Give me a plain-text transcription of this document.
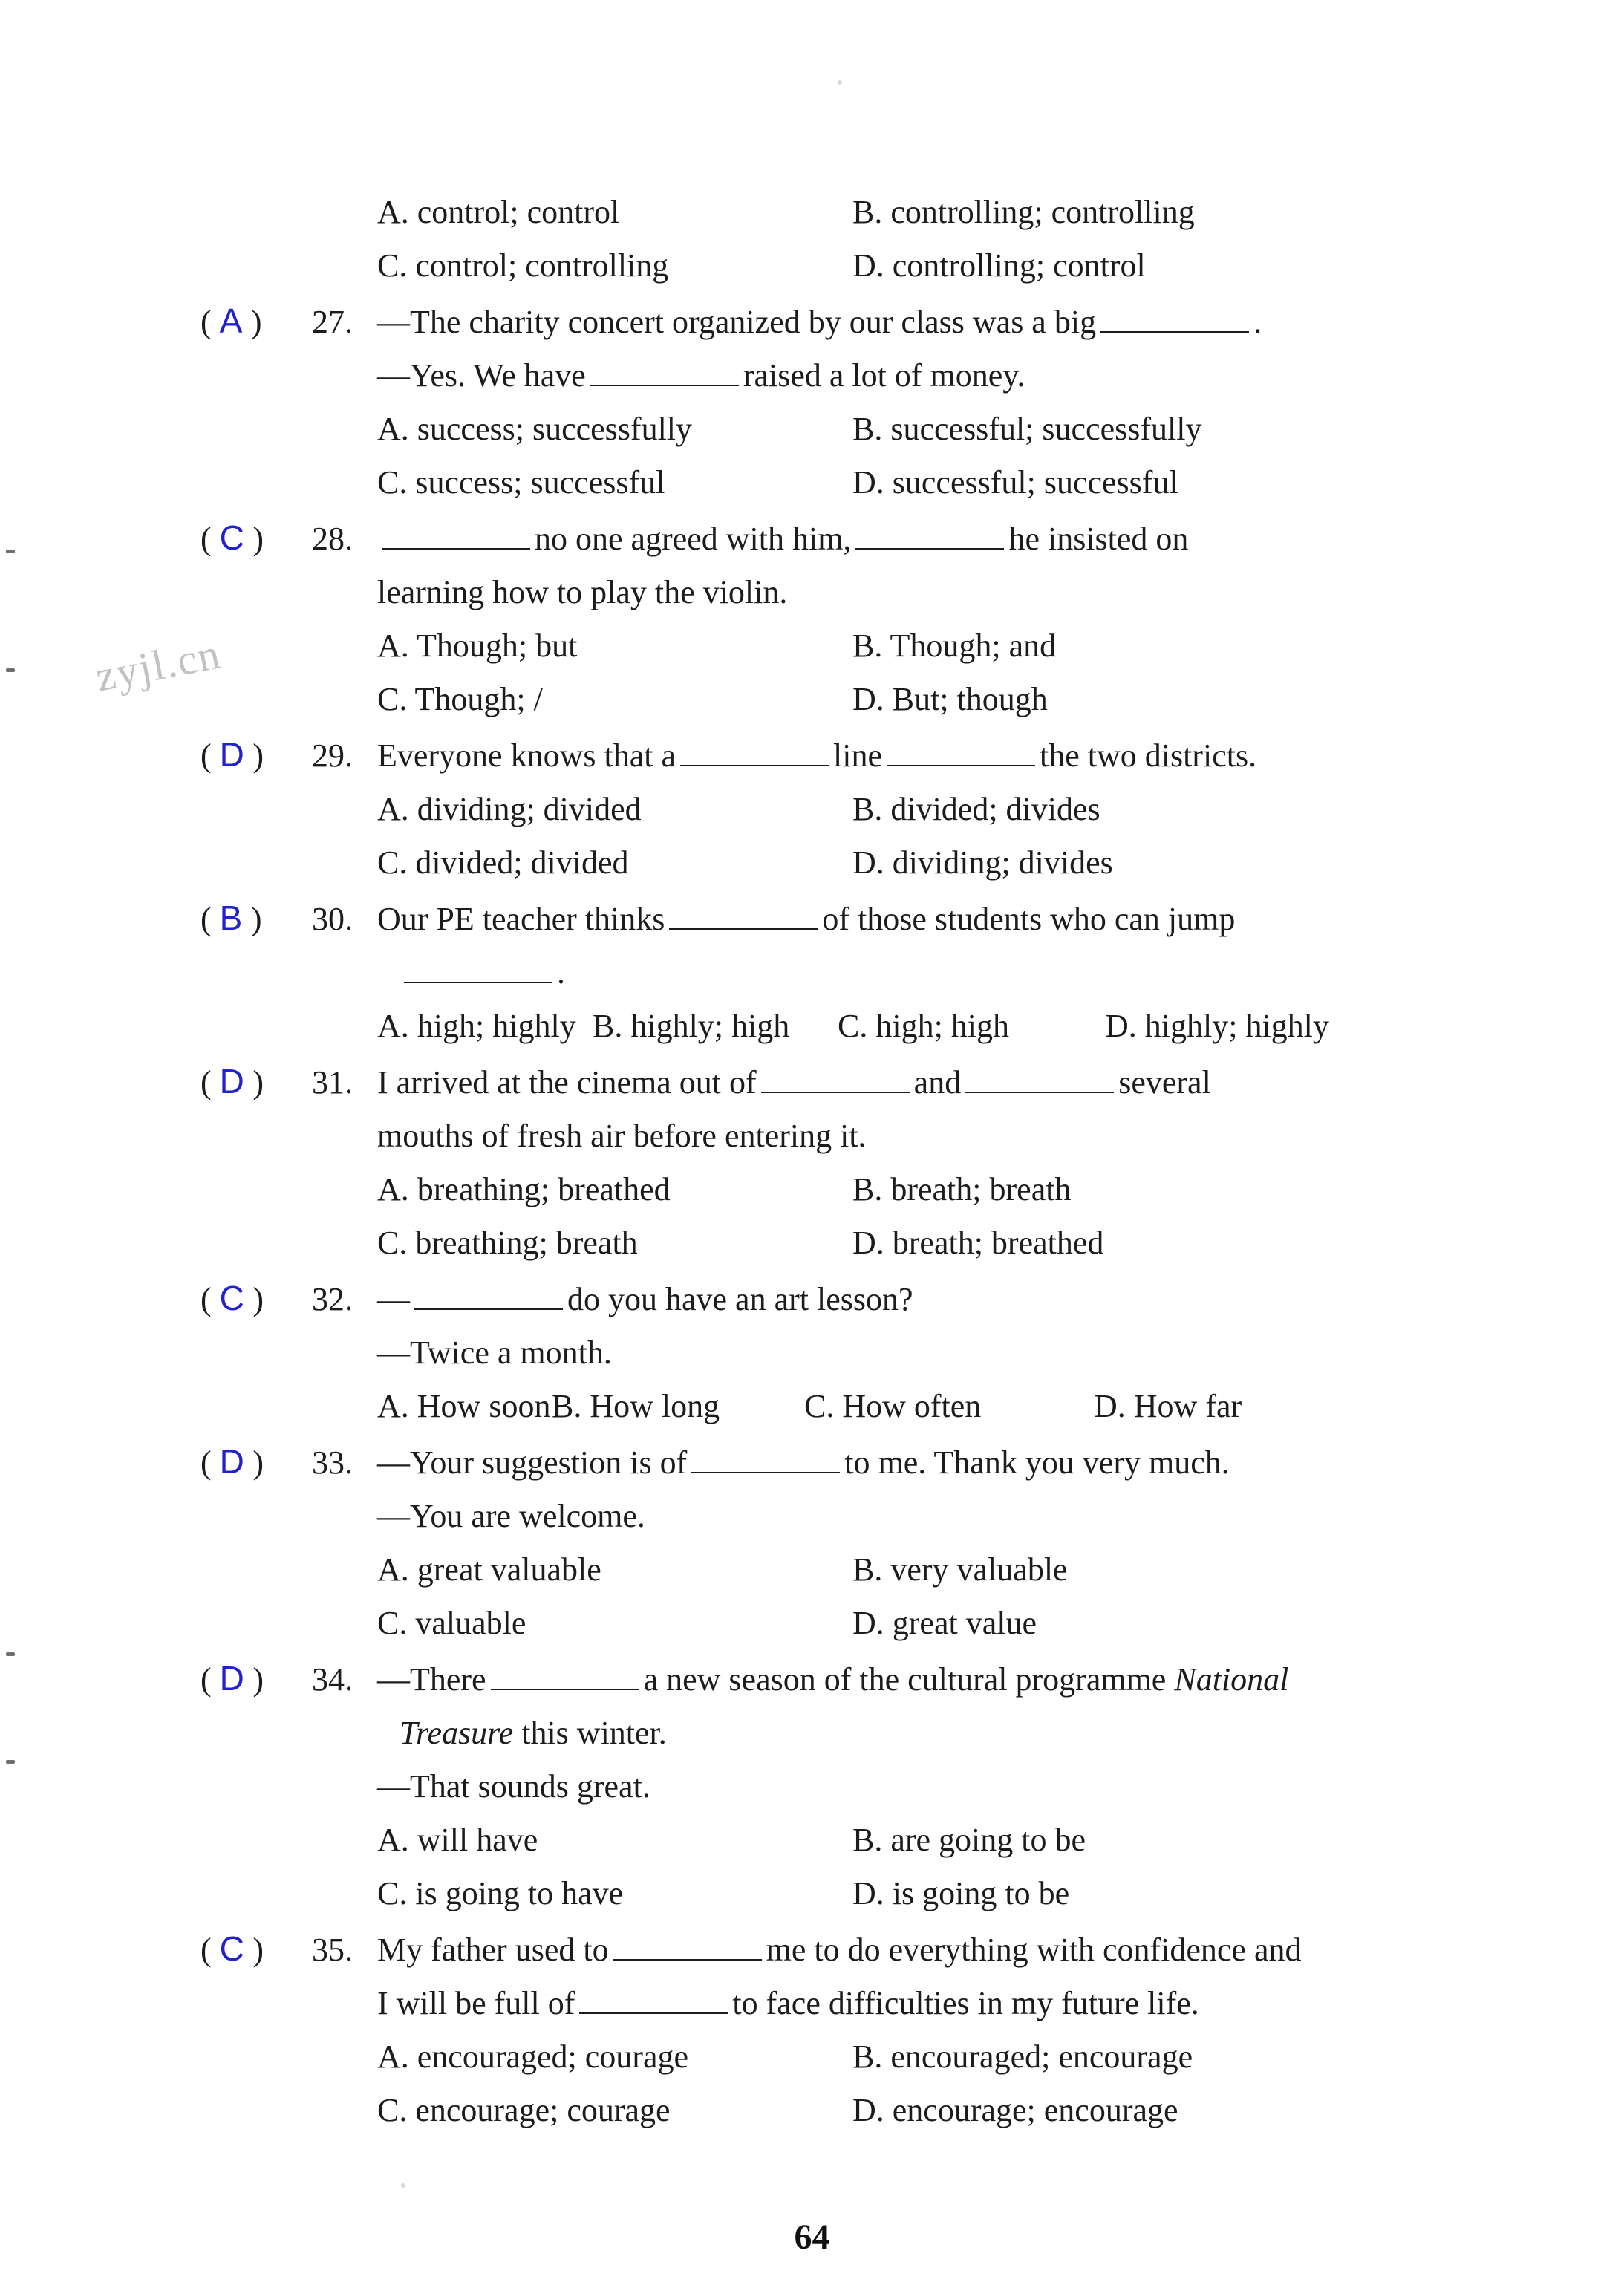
zyjl.cn
A. control; control	B. controlling; controlling
C. control; controlling	D. controlling; control
( A )	27. —The charity concert organized by our class was a big	.
—Yes. We have	raised a lot of money.
A. success; successfully	B. successful; successfully
C. success; successful	D. successful; successful
( C )	28.	no one agreed with him,	he insisted on
learning how to play the violin.
A. Though; but	B. Though; and
C. Though; /	D. But; though
( D )	29. Everyone knows that a	line	the two districts.
A. dividing; divided	B. divided; divides
C. divided; divided	D. dividing; divides
( B )	30. Our PE teacher thinks	of those students who can jump
.
A. high; highly B. highly; high	C. high; high	D. highly; highly
( D )	31. I arrived at the cinema out of	and	several
mouths of fresh air before entering it.
A. breathing; breathed	B. breath; breath
C. breathing; breath	D. breath; breathed
( C )	32. —	do you have an art lesson?
—Twice a month.
A. How soon B. How long	C. How often	D. How far
( D )	33. —Your suggestion is of	to me. Thank you very much.
—You are welcome.
A. great valuable	B. very valuable
C. valuable	D. great value
( D )	34. —There	a new season of the cultural programme National
Treasure this winter.
—That sounds great.
A. will have	B. are going to be
C. is going to have	D. is going to be
( C )	35. My father used to	me to do everything with confidence and
I will be full of	to face difficulties in my future life.
A. encouraged; courage	B. encouraged; encourage
C. encourage; courage	D. encourage; encourage
64
